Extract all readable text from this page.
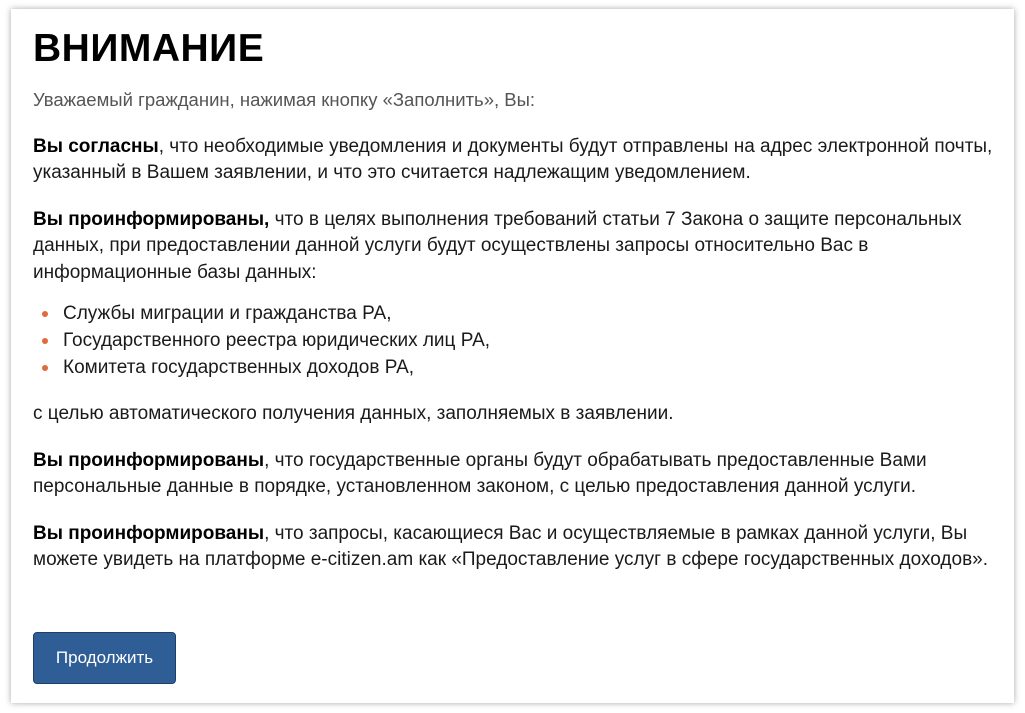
ВНИМАНИЕ

Уважаемый гражданин, нажимая кнопку «Заполнить», Вы:

Вы согласны, что необходимые уведомления и документы будут отправлены на адрес электронной почты, указанный в Вашем заявлении, и что это считается надлежащим уведомлением.

Вы проинформированы, что в целях выполнения требований статьи 7 Закона о защите персональных данных, при предоставлении данной услуги будут осуществлены запросы относительно Вас в информационные базы данных:

Службы миграции и гражданства РА,
Государственного реестра юридических лиц РА,
Комитета государственных доходов РА,

с целью автоматического получения данных, заполняемых в заявлении.

Вы проинформированы, что государственные органы будут обрабатывать предоставленные Вами персональные данные в порядке, установленном законом, с целью предоставления данной услуги.

Вы проинформированы, что запросы, касающиеся Вас и осуществляемые в рамках данной услуги, Вы можете увидеть на платформе e-citizen.am как «Предоставление услуг в сфере государственных доходов».

Продолжить
